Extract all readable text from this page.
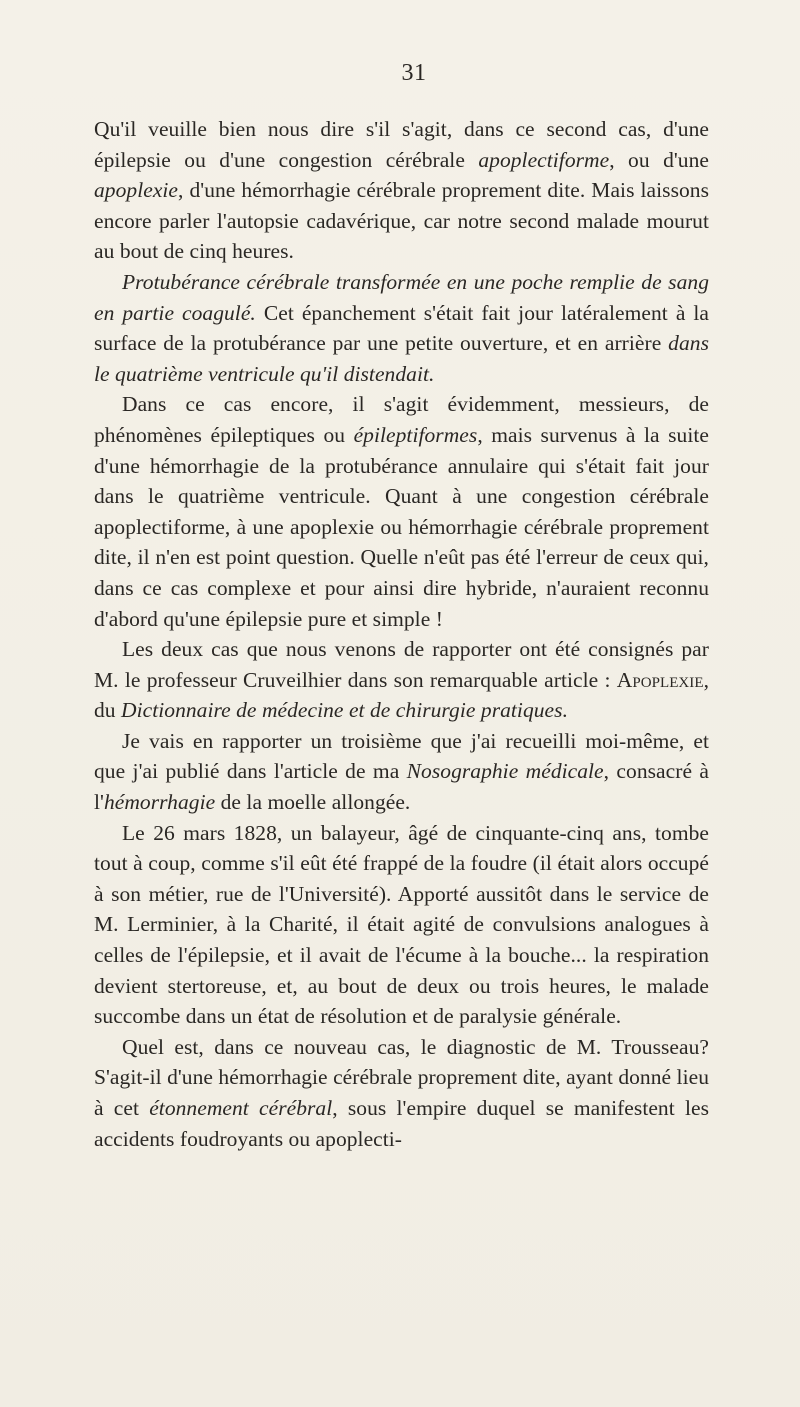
31

Qu'il veuille bien nous dire s'il s'agit, dans ce second cas, d'une épilepsie ou d'une congestion cérébrale apoplectiforme, ou d'une apoplexie, d'une hémorrhagie cérébrale proprement dite. Mais laissons encore parler l'autopsie cadavérique, car notre second malade mourut au bout de cinq heures.

Protubérance cérébrale transformée en une poche remplie de sang en partie coagulé. Cet épanchement s'était fait jour latéralement à la surface de la protubérance par une petite ouverture, et en arrière dans le quatrième ventricule qu'il distendait.

Dans ce cas encore, il s'agit évidemment, messieurs, de phénomènes épileptiques ou épileptiformes, mais survenus à la suite d'une hémorrhagie de la protubérance annulaire qui s'était fait jour dans le quatrième ventricule. Quant à une congestion cérébrale apoplectiforme, à une apoplexie ou hémorrhagie cérébrale proprement dite, il n'en est point question. Quelle n'eût pas été l'erreur de ceux qui, dans ce cas complexe et pour ainsi dire hybride, n'auraient reconnu d'abord qu'une épilepsie pure et simple !

Les deux cas que nous venons de rapporter ont été consignés par M. le professeur Cruveilhier dans son remarquable article : Apoplexie, du Dictionnaire de médecine et de chirurgie pratiques.

Je vais en rapporter un troisième que j'ai recueilli moi-même, et que j'ai publié dans l'article de ma Nosographie médicale, consacré à l'hémorrhagie de la moelle allongée.

Le 26 mars 1828, un balayeur, âgé de cinquante-cinq ans, tombe tout à coup, comme s'il eût été frappé de la foudre (il était alors occupé à son métier, rue de l'Université). Apporté aussitôt dans le service de M. Lerminier, à la Charité, il était agité de convulsions analogues à celles de l'épilepsie, et il avait de l'écume à la bouche... la respiration devient stertoreuse, et, au bout de deux ou trois heures, le malade succombe dans un état de résolution et de paralysie générale.

Quel est, dans ce nouveau cas, le diagnostic de M. Trousseau? S'agit-il d'une hémorrhagie cérébrale proprement dite, ayant donné lieu à cet étonnement cérébral, sous l'empire duquel se manifestent les accidents foudroyants ou apoplecti-
